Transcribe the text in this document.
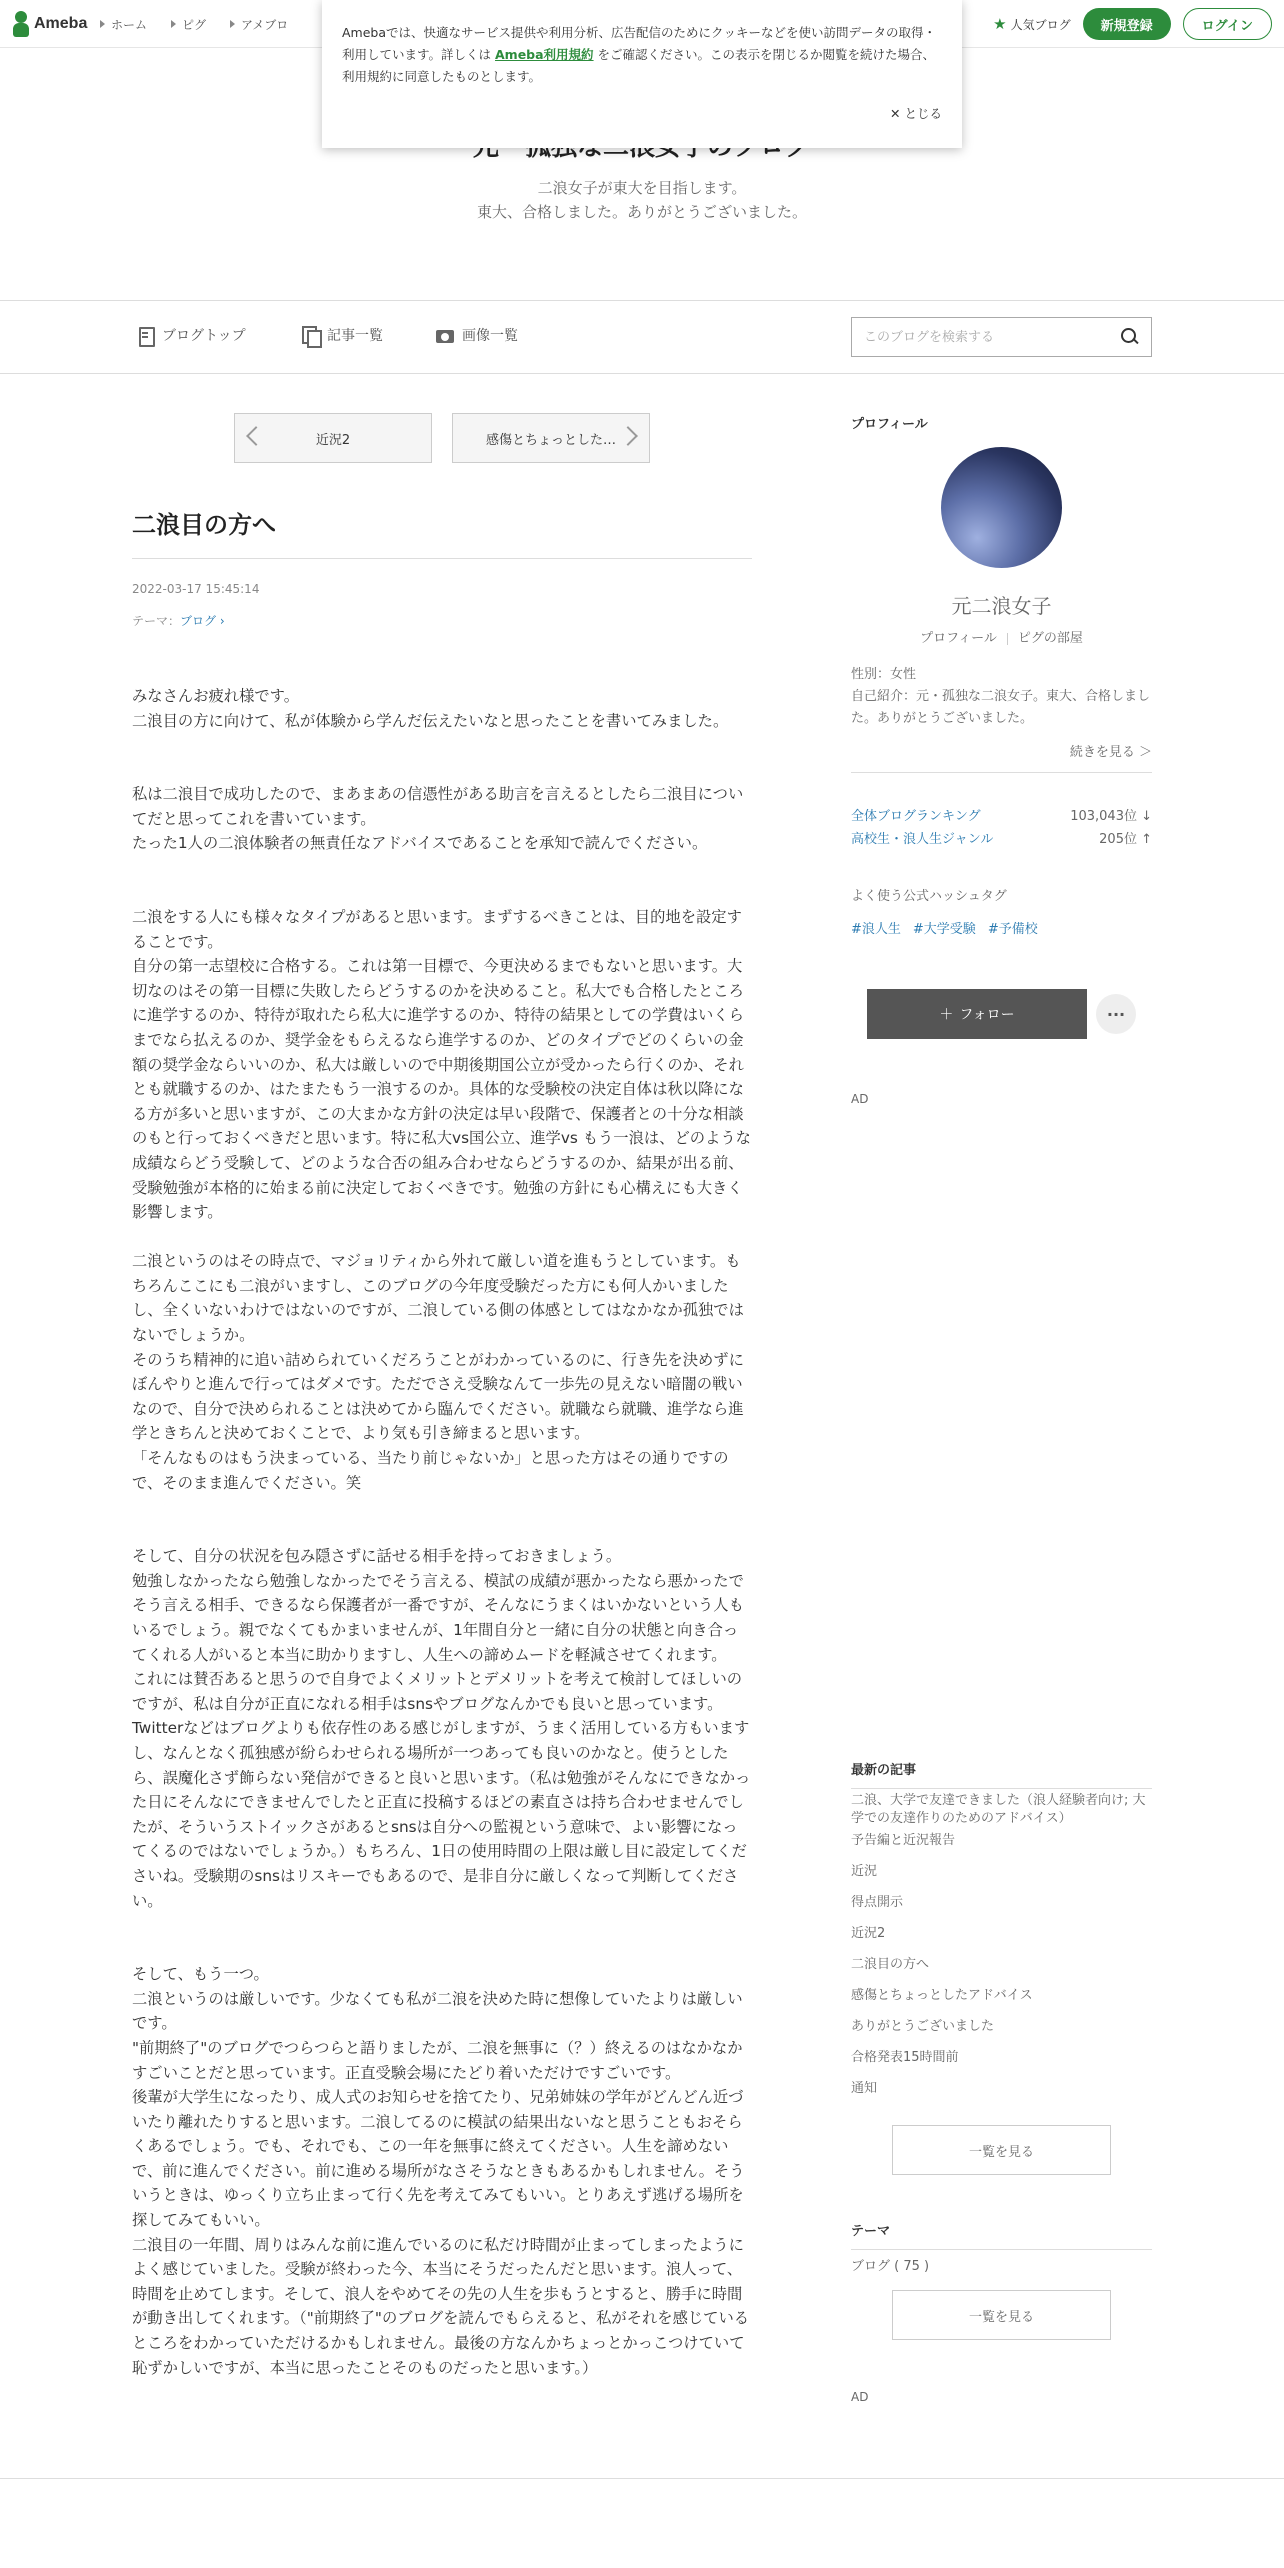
Ameba ホーム	ピグ	アメブロ	★ 人気ブログ	新規登録	ログイン

Amebaでは、快適なサービス提供や利用分析、広告配信のためにクッキーなどを使い訪問データの取得・利用しています。詳しくは Ameba利用規約 をご確認ください。この表示を閉じるか閲覧を続けた場合、利用規約に同意したものとします。

✕ とじる
二浪女子が東大を目指します。
東大、合格しました。ありがとうございました。
ブログトップ	記事一覧	画像一覧
このブログを検索する
近況2	感傷とちょっとした…
二浪目の方へ
2022-03-17 15:45:14
テーマ：ブログ ›

みなさんお疲れ様です。
二浪目の方に向けて、私が体験から学んだ伝えたいなと思ったことを書いてみました。

私は二浪目で成功したので、まあまあの信憑性がある助言を言えるとしたら二浪目についてだと思ってこれを書いています。
たった1人の二浪体験者の無責任なアドバイスであることを承知で読んでください。

二浪をする人にも様々なタイプがあると思います。まずするべきことは、目的地を設定することです。
自分の第一志望校に合格する。これは第一目標で、今更決めるまでもないと思います。大切なのはその第一目標に失敗したらどうするのかを決めること。私大でも合格したところに進学するのか、特待が取れたら私大に進学するのか、特待の結果としての学費はいくらまでなら払えるのか、奨学金をもらえるなら進学するのか、どのタイプでどのくらいの金額の奨学金ならいいのか、私大は厳しいので中期後期国公立が受かったら行くのか、それとも就職するのか、はたまたもう一浪するのか。具体的な受験校の決定自体は秋以降になる方が多いと思いますが、この大まかな方針の決定は早い段階で、保護者との十分な相談のもと行っておくべきだと思います。特に私大vs国公立、進学vs もう一浪は、どのような成績ならどう受験して、どのような合否の組み合わせならどうするのか、結果が出る前、受験勉強が本格的に始まる前に決定しておくべきです。勉強の方針にも心構えにも大きく影響します。

二浪というのはその時点で、マジョリティから外れて厳しい道を進もうとしています。もちろんここにも二浪がいますし、このブログの今年度受験だった方にも何人かいましたし、全くいないわけではないのですが、二浪している側の体感としてはなかなか孤独ではないでしょうか。
そのうち精神的に追い詰められていくだろうことがわかっているのに、行き先を決めずにぼんやりと進んで行ってはダメです。ただでさえ受験なんて一歩先の見えない暗闇の戦いなので、自分で決められることは決めてから臨んでください。就職なら就職、進学なら進学ときちんと決めておくことで、より気も引き締まると思います。
「そんなものはもう決まっている、当たり前じゃないか」と思った方はその通りですので、そのまま進んでください。笑

そして、自分の状況を包み隠さずに話せる相手を持っておきましょう。
勉強しなかったなら勉強しなかったでそう言える、模試の成績が悪かったなら悪かったでそう言える相手、できるなら保護者が一番ですが、そんなにうまくはいかないという人もいるでしょう。親でなくてもかまいませんが、1年間自分と一緒に自分の状態と向き合ってくれる人がいると本当に助かりますし、人生への諦めムードを軽減させてくれます。
これには賛否あると思うので自身でよくメリットとデメリットを考えて検討してほしいのですが、私は自分が正直になれる相手はsnsやブログなんかでも良いと思っています。Twitterなどはブログよりも依存性のある感じがしますが、うまく活用している方もいますし、なんとなく孤独感が紛らわせられる場所が一つあっても良いのかなと。使うとしたら、誤魔化さず飾らない発信ができると良いと思います。（私は勉強がそんなにできなかった日にそんなにできませんでしたと正直に投稿するほどの素直さは持ち合わせませんでしたが、そういうストイックさがあるとsnsは自分への監視という意味で、よい影響になってくるのではないでしょうか。）もちろん、1日の使用時間の上限は厳し目に設定してくださいね。受験期のsnsはリスキーでもあるので、是非自分に厳しくなって判断してください。

そして、もう一つ。
二浪というのは厳しいです。少なくても私が二浪を決めた時に想像していたよりは厳しいです。
"前期終了"のブログでつらつらと語りましたが、二浪を無事に（？）終えるのはなかなかすごいことだと思っています。正直受験会場にたどり着いただけですごいです。
後輩が大学生になったり、成人式のお知らせを捨てたり、兄弟姉妹の学年がどんどん近づいたり離れたりすると思います。二浪してるのに模試の結果出ないなと思うこともおそらくあるでしょう。でも、それでも、この一年を無事に終えてください。人生を諦めないで、前に進んでください。前に進める場所がなさそうなときもあるかもしれません。そういうときは、ゆっくり立ち止まって行く先を考えてみてもいい。とりあえず逃げる場所を探してみてもいい。
二浪目の一年間、周りはみんな前に進んでいるのに私だけ時間が止まってしまったようによく感じていました。受験が終わった今、本当にそうだったんだと思います。浪人って、時間を止めてします。そして、浪人をやめてその先の人生を歩もうとすると、勝手に時間が動き出してくれます。（"前期終了"のブログを読んでもらえると、私がそれを感じているところをわかっていただけるかもしれません。最後の方なんかちょっとかっこつけていて恥ずかしいですが、本当に思ったことそのものだったと思います。）

プロフィール
元二浪女子
プロフィール ピグの部屋
性別：女性
自己紹介：元・孤独な二浪女子。東大、合格しました。ありがとうございました。
続きを見る ＞
全体ブログランキング	103,043位 ↓
高校生・浪人生ジャンル	205位 ↑
よく使う公式ハッシュタグ
#浪人生 #大学受験 #予備校
＋ フォロー	···
AD
最新の記事
二浪、大学で友達できました（浪人経験者向け; 大学での友達作りのためのアドバイス）
予告編と近況報告
近況
得点開示
近況2
二浪目の方へ
感傷とちょっとしたアドバイス
ありがとうございました
合格発表15時間前
通知
一覧を見る
テーマ
ブログ ( 75 )
一覧を見る
AD
